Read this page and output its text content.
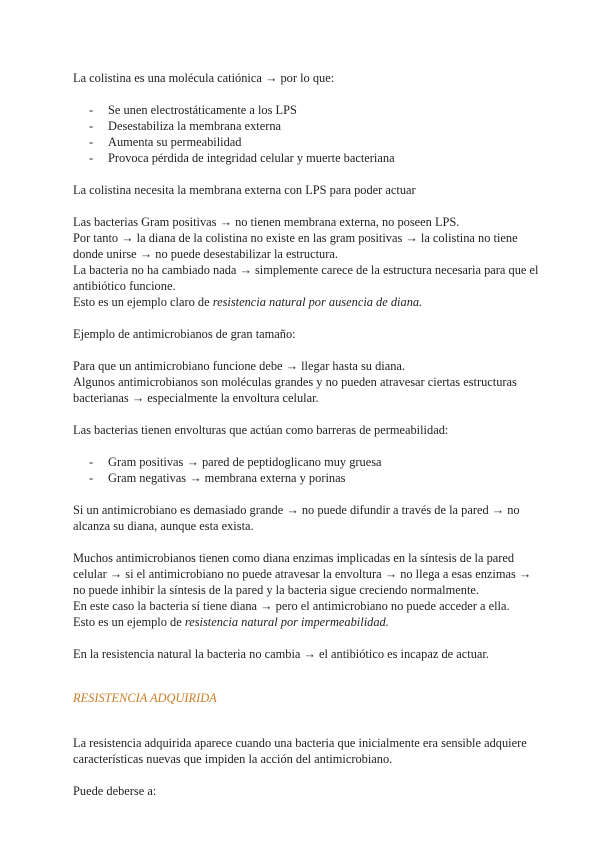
La colistina es una molécula catiónica → por lo que:

- Se unen electrostáticamente a los LPS
- Desestabiliza la membrana externa
- Aumenta su permeabilidad
- Provoca pérdida de integridad celular y muerte bacteriana

La colistina necesita la membrana externa con LPS para poder actuar

Las bacterias Gram positivas → no tienen membrana externa, no poseen LPS.

Por tanto → la diana de la colistina no existe en las gram positivas → la colistina no tiene

donde unirse → no puede desestabilizar la estructura.

La bacteria no ha cambiado nada → simplemente carece de la estructura necesaria para que el

antibiótico funcione.

Esto es un ejemplo claro de resistencia natural por ausencia de diana.

Ejemplo de antimicrobianos de gran tamaño:

Para que un antimicrobiano funcione debe → llegar hasta su diana.

Algunos antimicrobianos son moléculas grandes y no pueden atravesar ciertas estructuras

bacterianas → especialmente la envoltura celular.

Las bacterias tienen envolturas que actúan como barreras de permeabilidad:

- Gram positivas → pared de peptidoglicano muy gruesa
- Gram negativas → membrana externa y porinas

Si un antimicrobiano es demasiado grande → no puede difundir a través de la pared → no

alcanza su diana, aunque esta exista.

Muchos antimicrobianos tienen como diana enzimas implicadas en la síntesis de la pared

celular → si el antimicrobiano no puede atravesar la envoltura → no llega a esas enzimas →

no puede inhibir la síntesis de la pared y la bacteria sigue creciendo normalmente.

En este caso la bacteria sí tiene diana → pero el antimicrobiano no puede acceder a ella.

Esto es un ejemplo de resistencia natural por impermeabilidad.

En la resistencia natural la bacteria no cambia → el antibiótico es incapaz de actuar.

RESISTENCIA ADQUIRIDA

La resistencia adquirida aparece cuando una bacteria que inicialmente era sensible adquiere

características nuevas que impiden la acción del antimicrobiano.

Puede deberse a:
